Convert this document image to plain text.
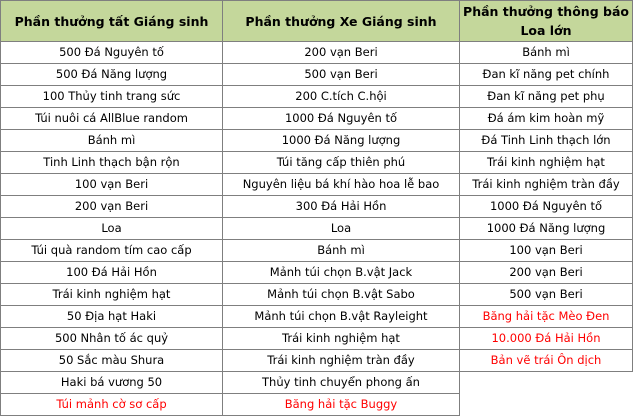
Phần thưởng tất Giáng sinh	Phần thưởng Xe Giáng sinh	Phần thưởng thông báo
Loa lớn

500 Đá Nguyên tố	200 vạn Beri	Bánh mì
500 Đá Năng lượng	500 vạn Beri	Đan kĩ năng pet chính
100 Thủy tinh trang sức	200 C.tích C.hội	Đan kĩ năng pet phụ
Túi nuôi cá AllBlue random	1000 Đá Nguyên tố	Đá ám kim hoàn mỹ
Bánh mì	1000 Đá Năng lượng	Đá Tinh Linh thạch lớn
Tinh Linh thạch bận rộn	Túi tăng cấp thiên phú	Trái kinh nghiệm hạt
100 vạn Beri	Nguyên liệu bá khí hào hoa lễ bao	Trái kinh nghiệm tràn đầy
200 vạn Beri	300 Đá Hải Hồn	1000 Đá Nguyên tố
Loa	Loa	1000 Đá Năng lượng
Túi quà random tím cao cấp	Bánh mì	100 vạn Beri
100 Đá Hải Hồn	Mảnh túi chọn B.vật Jack	200 vạn Beri
Trái kinh nghiệm hạt	Mảnh túi chọn B.vật Sabo	500 vạn Beri
50 Địa hạt Haki	Mảnh túi chọn B.vật Rayleight	Băng hải tặc Mèo Đen
500 Nhân tố ác quỷ	Trái kinh nghiệm hạt	10.000 Đá Hải Hồn
50 Sắc màu Shura	Trái kinh nghiệm tràn đầy	Bản vẽ trái Ôn dịch
Haki bá vương 50	Thủy tinh chuyển phong ấn	
Túi mảnh cờ sơ cấp	Băng hải tặc Buggy	
